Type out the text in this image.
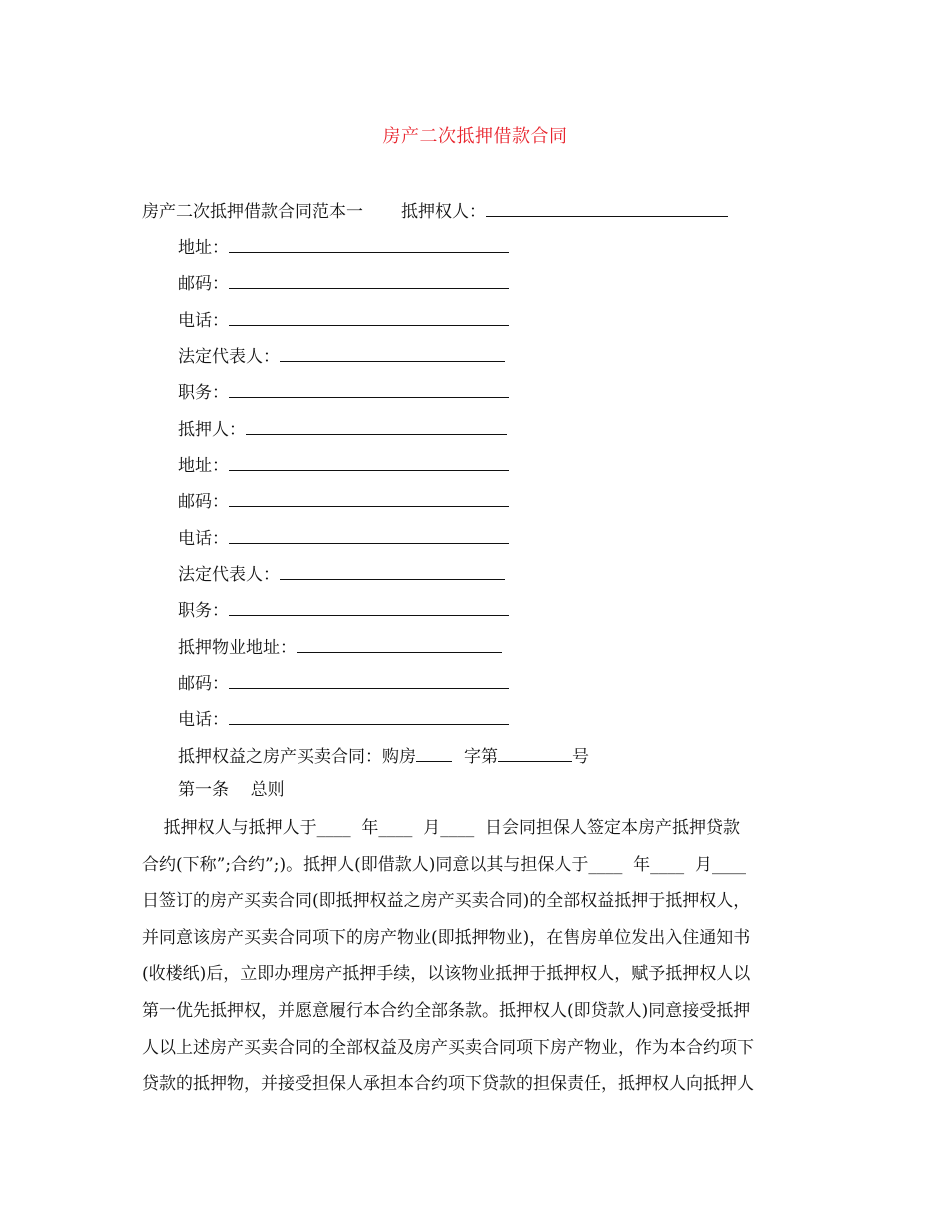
房产二次抵押借款合同
房产二次抵押借款合同范本一 抵押权人：
地址：
邮码：
电话：
法定代表人：
职务：
抵押人：
地址：
邮码：
电话：
法定代表人：
职务：
抵押物业地址：
邮码：
电话：
抵押权益之房产买卖合同：购房	字第	号
第一条    总则
抵押权人与抵押人于____  年____  月____  日会同担保人签定本房产抵押贷款
合约(下称”;合约”;)。抵押人(即借款人)同意以其与担保人于____  年____  月____
日签订的房产买卖合同(即抵押权益之房产买卖合同)的全部权益抵押于抵押权人，
并同意该房产买卖合同项下的房产物业(即抵押物业)，在售房单位发出入住通知书
(收楼纸)后，立即办理房产抵押手续，以该物业抵押于抵押权人，赋予抵押权人以
第一优先抵押权，并愿意履行本合约全部条款。抵押权人(即贷款人)同意接受抵押
人以上述房产买卖合同的全部权益及房产买卖合同项下房产物业，作为本合约项下
贷款的抵押物，并接受担保人承担本合约项下贷款的担保责任，抵押权人向抵押人
